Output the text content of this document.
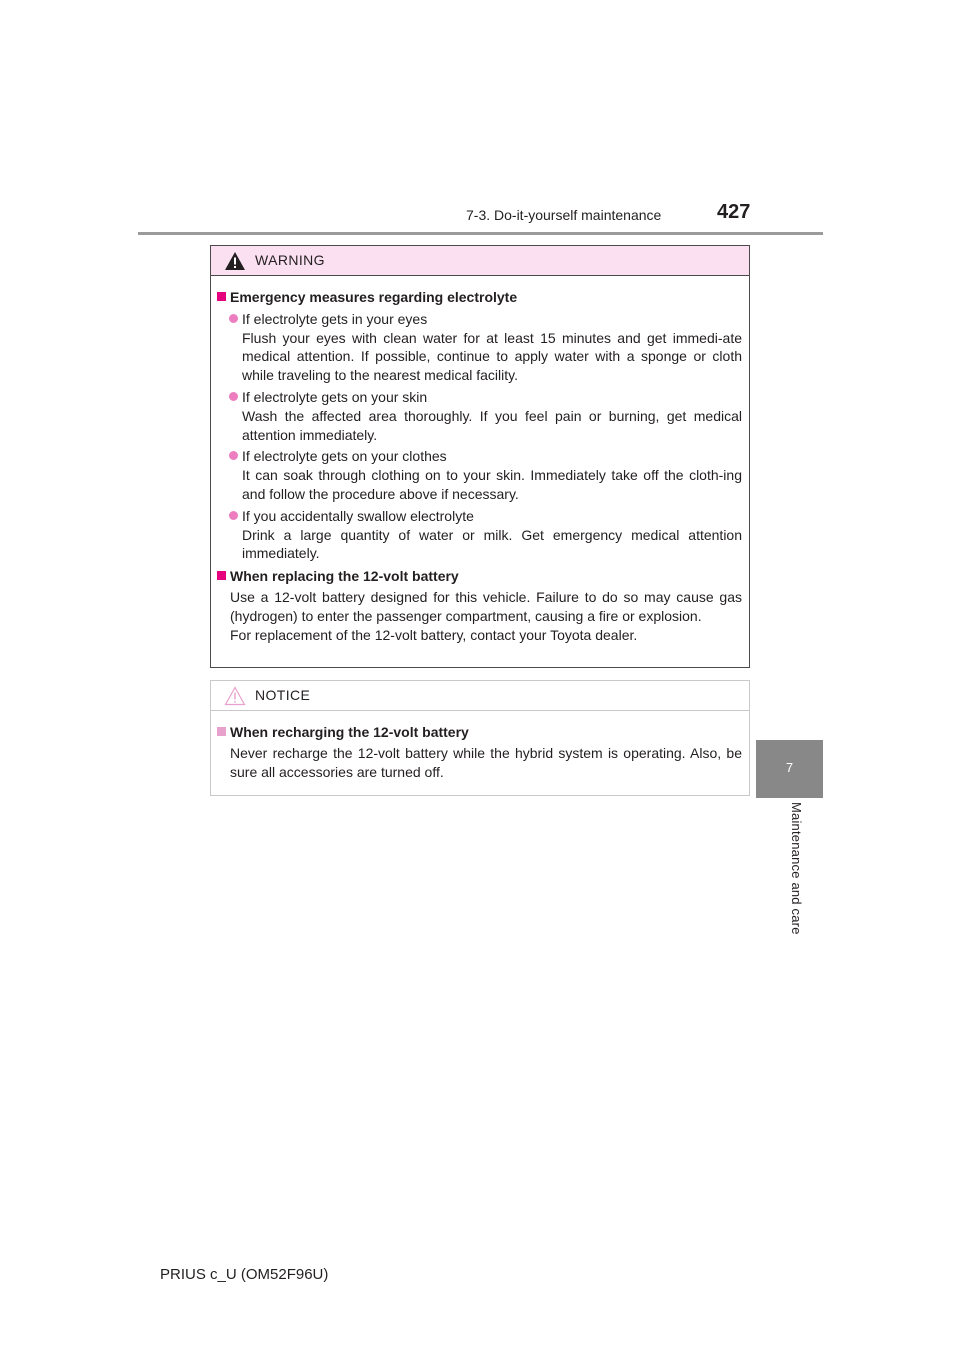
7-3. Do-it-yourself maintenance	427
7
Maintenance and care
WARNING
Emergency measures regarding electrolyte
If electrolyte gets in your eyes
Flush your eyes with clean water for at least 15 minutes and get immedi-ate medical attention. If possible, continue to apply water with a sponge or cloth while traveling to the nearest medical facility.
If electrolyte gets on your skin
Wash the affected area thoroughly. If you feel pain or burning, get medical attention immediately.
If electrolyte gets on your clothes
It can soak through clothing on to your skin. Immediately take off the cloth-ing and follow the procedure above if necessary.
If you accidentally swallow electrolyte
Drink a large quantity of water or milk. Get emergency medical attention immediately.
When replacing the 12-volt battery
Use a 12-volt battery designed for this vehicle. Failure to do so may cause gas (hydrogen) to enter the passenger compartment, causing a fire or explosion.
For replacement of the 12-volt battery, contact your Toyota dealer.
NOTICE
When recharging the 12-volt battery
Never recharge the 12-volt battery while the hybrid system is operating. Also, be sure all accessories are turned off.
PRIUS c_U (OM52F96U)
